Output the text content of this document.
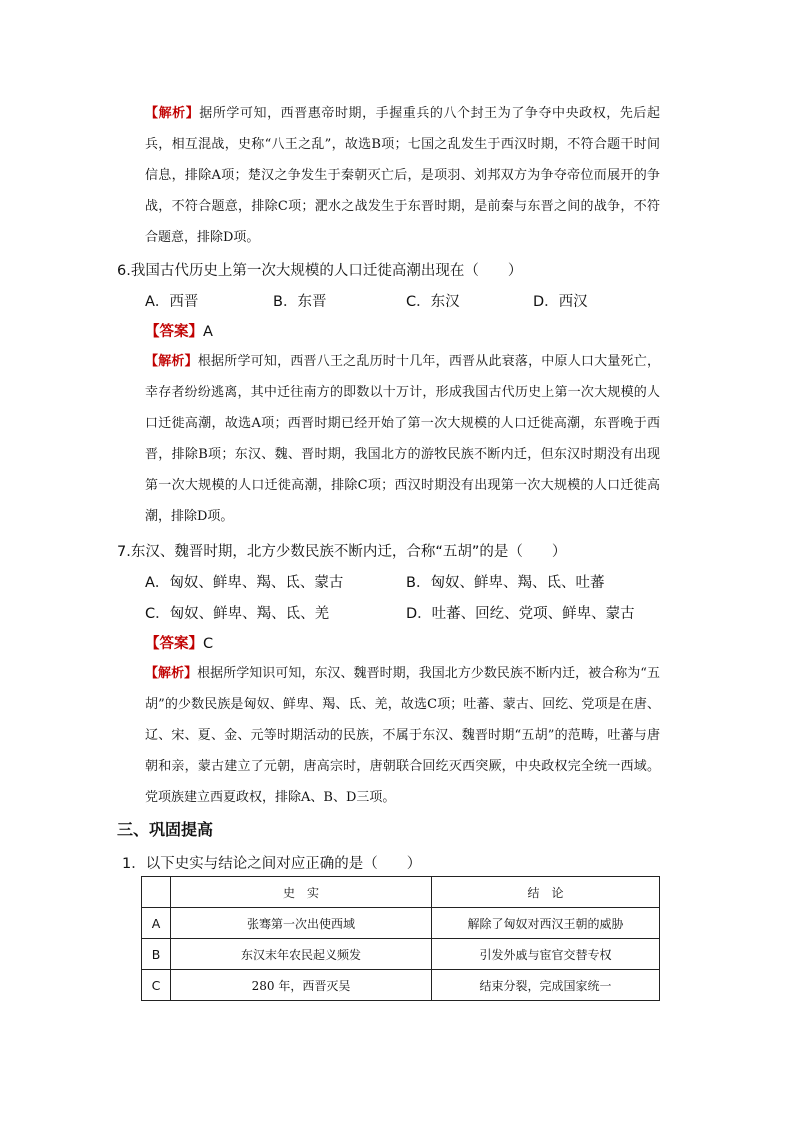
【解析】据所学可知，西晋惠帝时期，手握重兵的八个封王为了争夺中央政权，先后起兵，相互混战，史称“八王之乱”，故选B项；七国之乱发生于西汉时期，不符合题干时间信息，排除A项；楚汉之争发生于秦朝灭亡后，是项羽、刘邦双方为争夺帝位而展开的争战，不符合题意，排除C项；淝水之战发生于东晋时期，是前秦与东晋之间的战争，不符合题意，排除D项。

6.我国古代历史上第一次大规模的人口迁徙高潮出现在（　　）

A．西晋	B．东晋	C．东汉	D．西汉
【答案】A

【解析】根据所学可知，西晋八王之乱历时十几年，西晋从此衰落，中原人口大量死亡，幸存者纷纷逃离，其中迁往南方的即数以十万计，形成我国古代历史上第一次大规模的人口迁徙高潮，故选A项；西晋时期已经开始了第一次大规模的人口迁徙高潮，东晋晚于西晋，排除B项；东汉、魏、晋时期，我国北方的游牧民族不断内迁，但东汉时期没有出现第一次大规模的人口迁徙高潮，排除C项；西汉时期没有出现第一次大规模的人口迁徙高潮，排除D项。

7.东汉、魏晋时期，北方少数民族不断内迁，合称“五胡”的是（　　）

A．匈奴、鲜卑、羯、氐、蒙古	B．匈奴、鲜卑、羯、氐、吐蕃
C．匈奴、鲜卑、羯、氐、羌	D．吐蕃、回纥、党项、鲜卑、蒙古
【答案】C

【解析】根据所学知识可知，东汉、魏晋时期，我国北方少数民族不断内迁，被合称为“五胡”的少数民族是匈奴、鲜卑、羯、氐、羌，故选C项；吐蕃、蒙古、回纥、党项是在唐、辽、宋、夏、金、元等时期活动的民族，不属于东汉、魏晋时期“五胡”的范畴，吐蕃与唐朝和亲，蒙古建立了元朝，唐高宗时，唐朝联合回纥灭西突厥，中央政权完全统一西域。党项族建立西夏政权，排除A、B、D三项。

三、巩固提高

1．以下史实与结论之间对应正确的是（　　）

	史　实	结　论
A	张骞第一次出使西域	解除了匈奴对西汉王朝的威胁
B	东汉末年农民起义频发	引发外戚与宦官交替专权
C	280 年，西晋灭吴	结束分裂，完成国家统一
